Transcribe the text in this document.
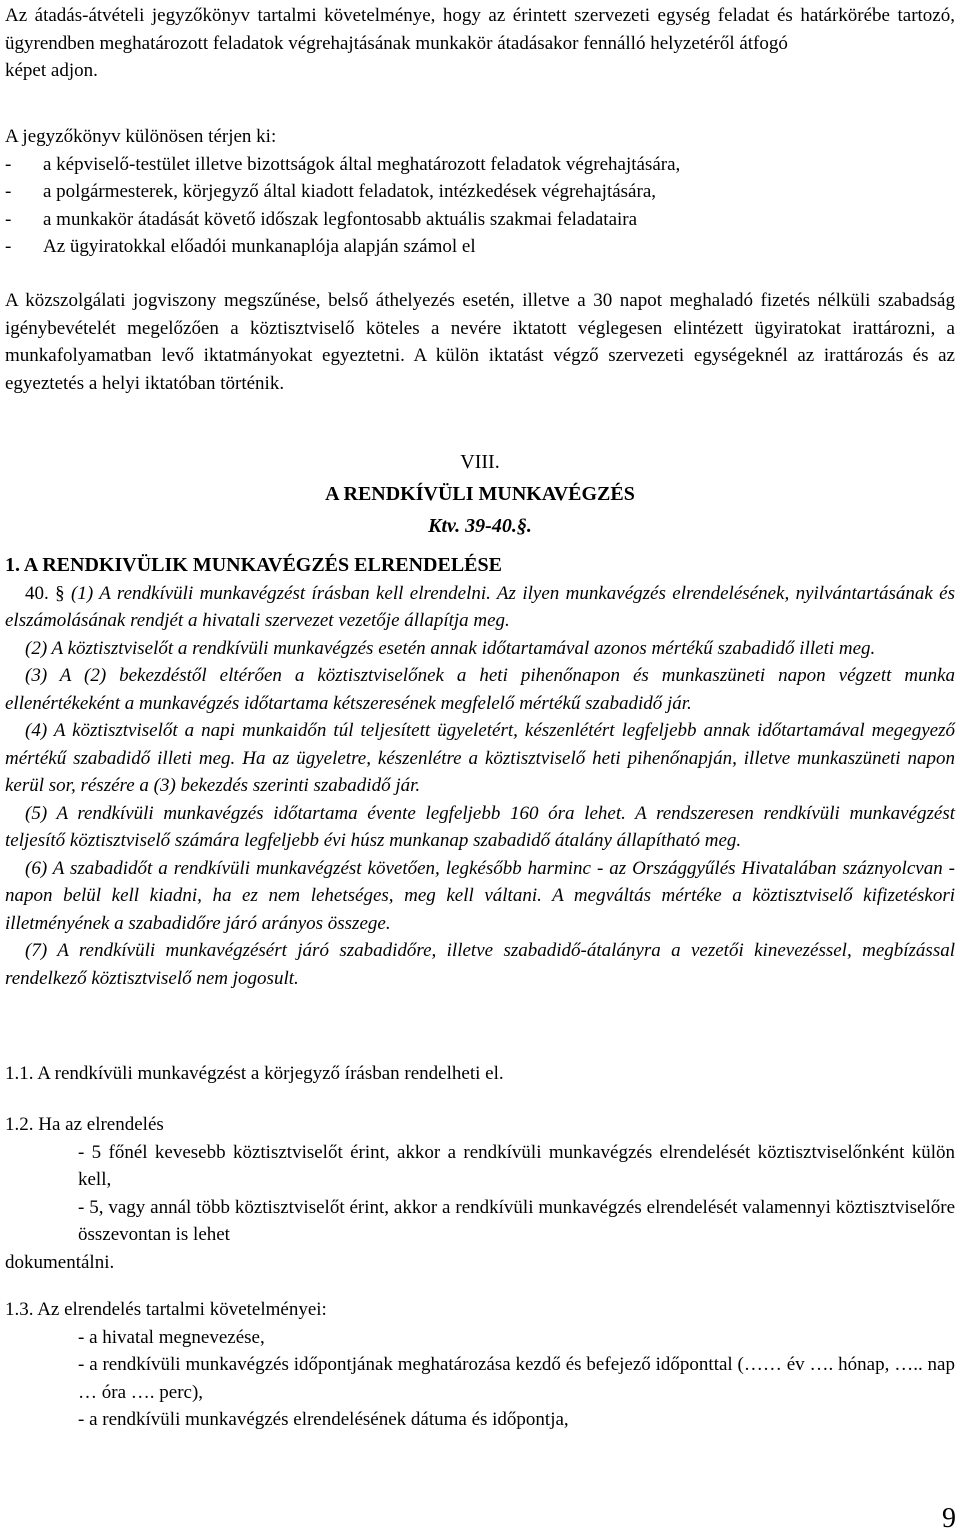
Az átadás-átvételi jegyzőkönyv tartalmi követelménye, hogy az érintett szervezeti egység feladat és határkörébe tartozó, ügyrendben meghatározott feladatok végrehajtásának munkakör átadásakor fennálló helyzetéről átfogó

képet adjon.

A jegyzőkönyv különösen térjen ki:

-	a képviselő-testület illetve bizottságok által meghatározott feladatok végrehajtására,
-	a polgármesterek, körjegyző által kiadott feladatok, intézkedések végrehajtására,
-	a munkakör átadását követő időszak legfontosabb aktuális szakmai feladataira
-	Az ügyiratokkal előadói munkanaplója alapján számol el

A közszolgálati jogviszony megszűnése, belső áthelyezés esetén, illetve a 30 napot meghaladó fizetés nélküli szabadság igénybevételét megelőzően a köztisztviselő köteles a nevére iktatott véglegesen elintézett ügyiratokat irattározni, a munkafolyamatban levő iktatmányokat egyeztetni. A külön iktatást végző szervezeti egységeknél az irattározás és az egyeztetés a helyi iktatóban történik.

VIII.

A RENDKÍVÜLI MUNKAVÉGZÉS

Ktv. 39-40.§.

1. A RENDKIVÜLIK MUNKAVÉGZÉS ELRENDELÉSE

40. § (1) A rendkívüli munkavégzést írásban kell elrendelni. Az ilyen munkavégzés elrendelésének, nyilvántartásának és elszámolásának rendjét a hivatali szervezet vezetője állapítja meg.

(2) A köztisztviselőt a rendkívüli munkavégzés esetén annak időtartamával azonos mértékű szabadidő illeti meg.

(3) A (2) bekezdéstől eltérően a köztisztviselőnek a heti pihenőnapon és munkaszüneti napon végzett munka ellenértékeként a munkavégzés időtartama kétszeresének megfelelő mértékű szabadidő jár.

(4) A köztisztviselőt a napi munkaidőn túl teljesített ügyeletért, készenlétért legfeljebb annak időtartamával megegyező mértékű szabadidő illeti meg. Ha az ügyeletre, készenlétre a köztisztviselő heti pihenőnapján, illetve munkaszüneti napon kerül sor, részére a (3) bekezdés szerinti szabadidő jár.

(5) A rendkívüli munkavégzés időtartama évente legfeljebb 160 óra lehet. A rendszeresen rendkívüli munkavégzést teljesítő köztisztviselő számára legfeljebb évi húsz munkanap szabadidő átalány állapítható meg.

(6) A szabadidőt a rendkívüli munkavégzést követően, legkésőbb harminc - az Országgyűlés Hivatalában száznyolcvan - napon belül kell kiadni, ha ez nem lehetséges, meg kell váltani. A megváltás mértéke a köztisztviselő kifizetéskori illetményének a szabadidőre járó arányos összege.

(7) A rendkívüli munkavégzésért járó szabadidőre, illetve szabadidő-átalányra a vezetői kinevezéssel, megbízással rendelkező köztisztviselő nem jogosult.

1.1. A rendkívüli munkavégzést a körjegyző írásban rendelheti el.

1.2. Ha az elrendelés

- 5 főnél kevesebb köztisztviselőt érint, akkor a rendkívüli munkavégzés elrendelését köztisztviselőnként külön kell,

- 5, vagy annál több köztisztviselőt érint, akkor a rendkívüli munkavégzés elrendelését valamennyi köztisztviselőre összevontan is lehet

dokumentálni.

1.3. Az elrendelés tartalmi követelményei:

- a hivatal megnevezése,

- a rendkívüli munkavégzés időpontjának meghatározása kezdő és befejező időponttal (…… év …. hónap, ….. nap … óra …. perc),

- a rendkívüli munkavégzés elrendelésének dátuma és időpontja,

9
